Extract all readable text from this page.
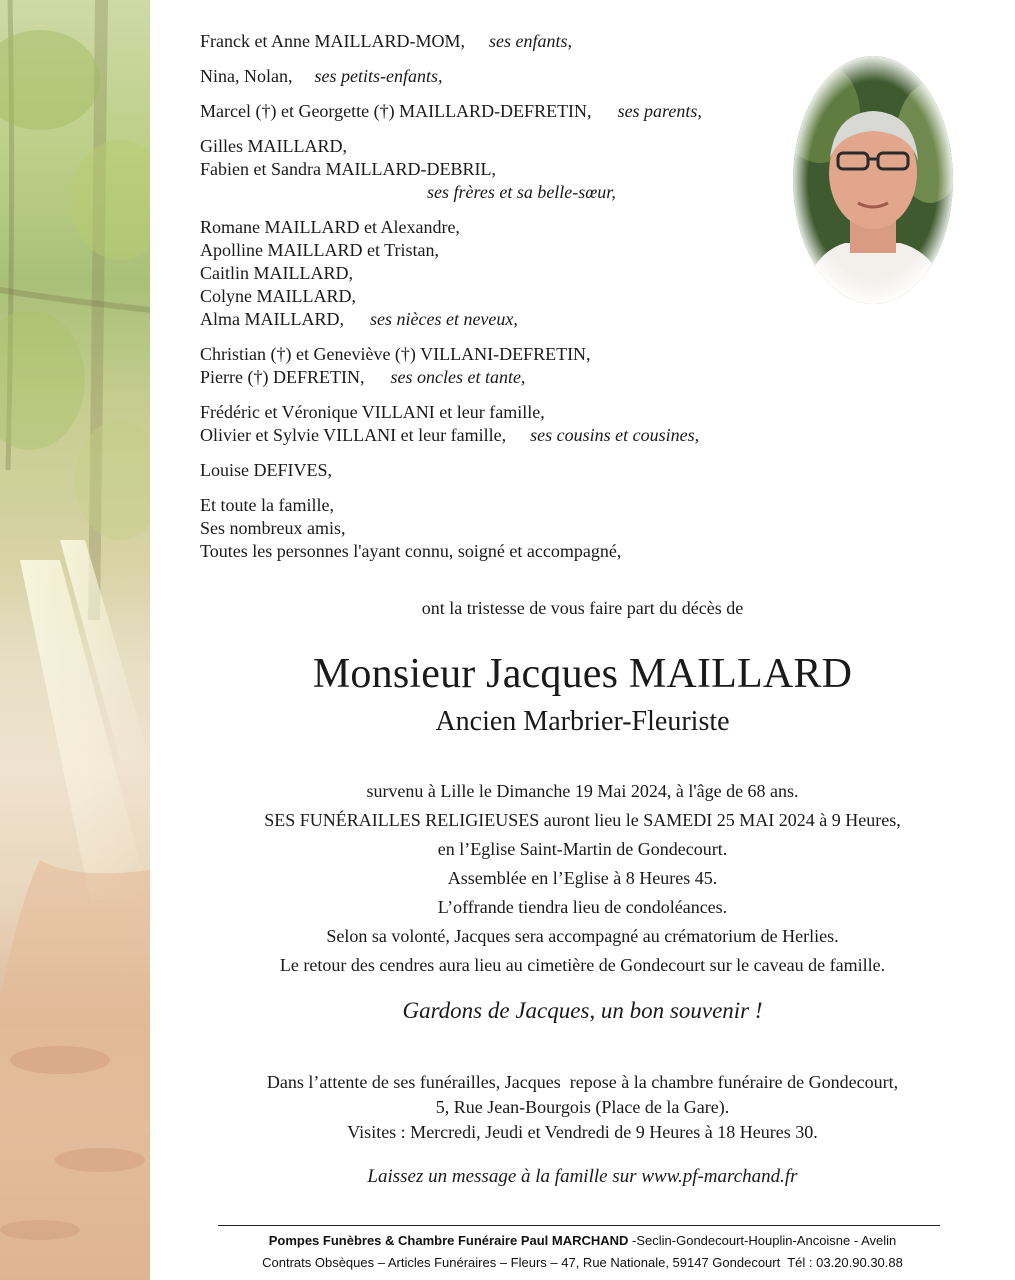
Franck et Anne MAILLARD-MOM, ses enfants,
Nina, Nolan, ses petits-enfants,
Marcel (†) et Georgette (†) MAILLARD-DEFRETIN, ses parents,
Gilles MAILLARD,
Fabien et Sandra MAILLARD-DEBRIL,
ses frères et sa belle-sœur,
Romane MAILLARD et Alexandre,
Apolline MAILLARD et Tristan,
Caitlin MAILLARD,
Colyne MAILLARD,
Alma MAILLARD, ses nièces et neveux,
Christian (†) et Geneviève (†) VILLANI-DEFRETIN,
Pierre (†) DEFRETIN, ses oncles et tante,
Frédéric et Véronique VILLANI et leur famille,
Olivier et Sylvie VILLANI et leur famille, ses cousins et cousines,
Louise DEFIVES,
Et toute la famille,
Ses nombreux amis,
Toutes les personnes l'ayant connu, soigné et accompagné,
ont la tristesse de vous faire part du décès de
Monsieur Jacques MAILLARD
Ancien Marbrier-Fleuriste
survenu à Lille le Dimanche 19 Mai 2024, à l'âge de 68 ans.
SES FUNÉRAILLES RELIGIEUSES auront lieu le SAMEDI 25 MAI 2024 à 9 Heures,
en l’Eglise Saint-Martin de Gondecourt.
Assemblée en l’Eglise à 8 Heures 45.
L’offrande tiendra lieu de condoléances.
Selon sa volonté, Jacques sera accompagné au crématorium de Herlies.
Le retour des cendres aura lieu au cimetière de Gondecourt sur le caveau de famille.
Gardons de Jacques, un bon souvenir !
Dans l’attente de ses funérailles, Jacques  repose à la chambre funéraire de Gondecourt,
5, Rue Jean-Bourgois (Place de la Gare).
Visites : Mercredi, Jeudi et Vendredi de 9 Heures à 18 Heures 30.
Laissez un message à la famille sur www.pf-marchand.fr
Pompes Funèbres & Chambre Funéraire Paul MARCHAND -Seclin-Gondecourt-Houplin-Ancoisne - Avelin
Contrats Obsèques – Articles Funéraires – Fleurs – 47, Rue Nationale, 59147 Gondecourt  Tél : 03.20.90.30.88
